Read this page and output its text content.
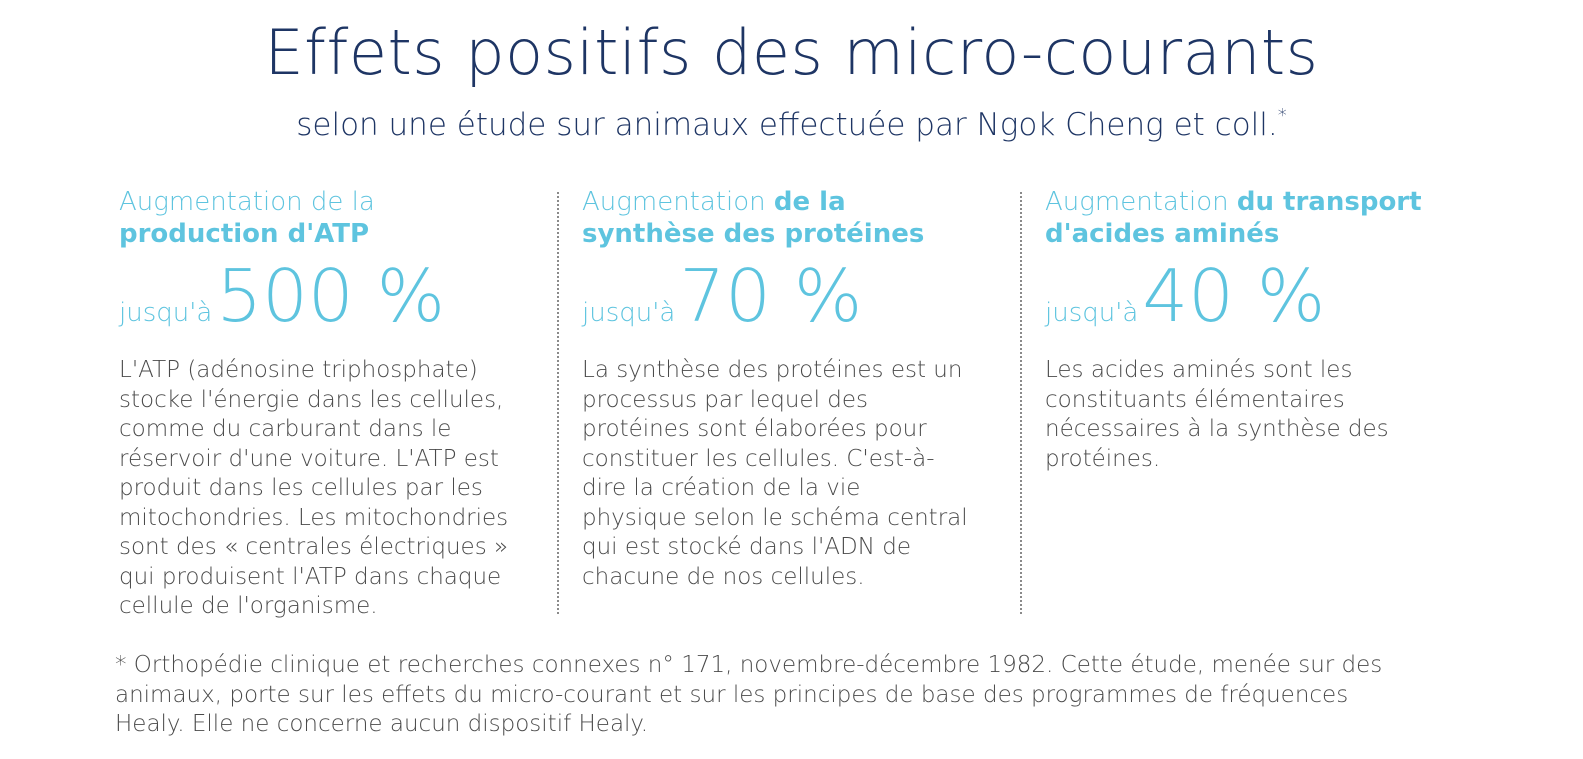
Effets positifs des micro-courants

selon une étude sur animaux effectuée par Ngok Cheng et coll.*

Augmentation de la production d'ATP

jusqu'à500 %
L'ATP (adénosine triphosphate) stocke l'énergie dans les cellules, comme du carburant dans le réservoir d'une voiture. L'ATP est produit dans les cellules par les mitochondries. Les mitochondries sont des « centrales électriques » qui produisent l'ATP dans chaque cellule de l'organisme.

Augmentation de la synthèse des protéines

jusqu'à70 %
La synthèse des protéines est un processus par lequel des protéines sont élaborées pour constituer les cellules. C'est-à-dire la création de la vie physique selon le schéma central qui est stocké dans l'ADN de chacune de nos cellules.

Augmentation du transport d'acides aminés

jusqu'à40 %
Les acides aminés sont les constituants élémentaires nécessaires à la synthèse des protéines.

* Orthopédie clinique et recherches connexes n° 171, novembre-décembre 1982. Cette étude, menée sur des animaux, porte sur les effets du micro-courant et sur les principes de base des programmes de fréquences Healy. Elle ne concerne aucun dispositif Healy.
